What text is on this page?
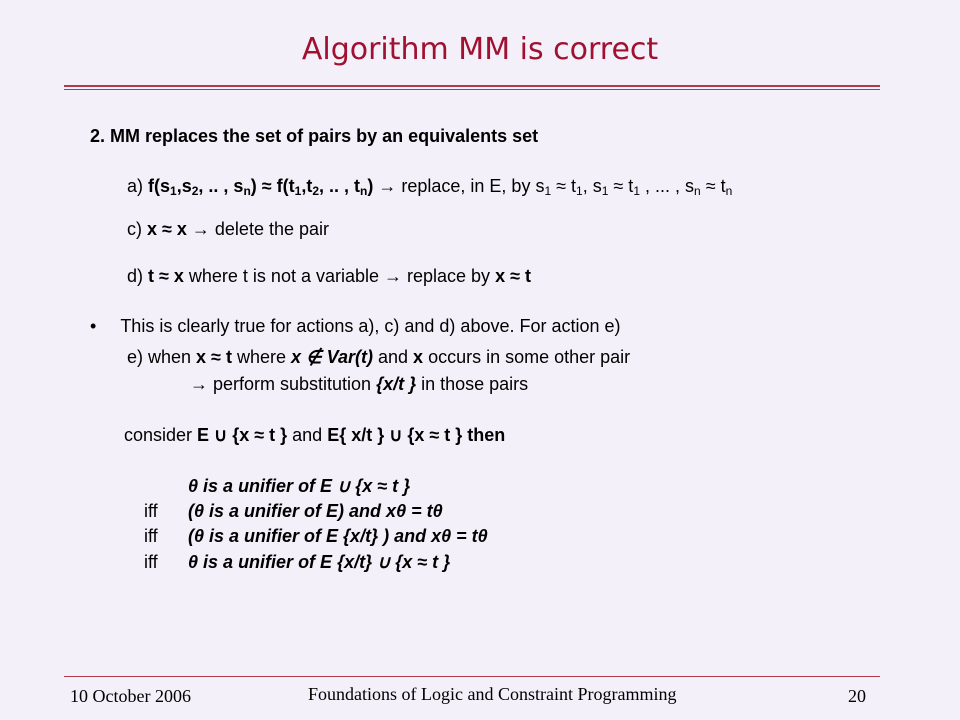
Algorithm MM is correct
2. MM replaces the set of pairs by an equivalents set
a) $f(s_1,s_2$, .. , $s_n) \approx f(t_1,t_2$, .. , $t_n$) → replace, in E, by $s_1 \approx t_1$, $s_1 \approx t_1$ , ... , $s_n \approx t_n$
c) x ≈ x → delete the pair
d) t ≈ x where t is not a variable → replace by x ≈ t
• This is clearly true for actions a), c) and d) above. For action e)
e) when x ≈ t where x ∉ Var(t) and x occurs in some other pair
→ perform substitution {x/t } in those pairs
consider E ∪ {x ≈ t } and E{ x/t } ∪ {x ≈ t } then
θ is a unifier of E ∪ {x ≈ t }
iff (θ is a unifier of E) and xθ = tθ
iff (θ is a unifier of E {x/t} ) and xθ = tθ
iff θ is a unifier of E {x/t} ∪ {x ≈ t }
10 October 2006	Foundations of Logic and Constraint Programming	20
